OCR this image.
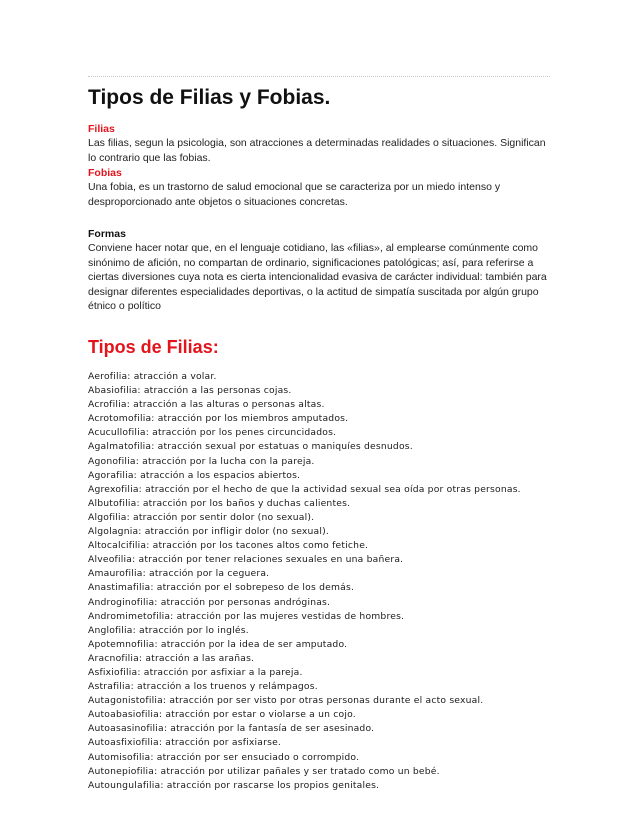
Tipos de Filias y Fobias.
Filias
Las filias, segun la psicologia, son atracciones a determinadas realidades o situaciones. Significan lo contrario que las fobias.
Fobias
Una fobia, es un trastorno de salud emocional que se caracteriza por un miedo intenso y desproporcionado ante objetos o situaciones concretas.
Formas
Conviene hacer notar que, en el lenguaje cotidiano, las «filias», al emplearse comúnmente como sinónimo de afición, no compartan de ordinario, significaciones patológicas; así, para referirse a ciertas diversiones cuya nota es cierta intencionalidad evasiva de carácter individual: también para designar diferentes especialidades deportivas, o la actitud de simpatía suscitada por algún grupo étnico o político
Tipos de Filias:
Aerofilia: atracción a volar.
Abasiofilia: atracción a las personas cojas.
Acrofilia: atracción a las alturas o personas altas.
Acrotomofilia: atracción por los miembros amputados.
Acucullofilia: atracción por los penes circuncidados.
Agalmatofilia: atracción sexual por estatuas o maniquíes desnudos.
Agonofilia: atracción por la lucha con la pareja.
Agorafilia: atracción a los espacios abiertos.
Agrexofilia: atracción por el hecho de que la actividad sexual sea oída por otras personas.
Albutofilia: atracción por los baños y duchas calientes.
Algofilia: atracción por sentir dolor (no sexual).
Algolagnia: atracción por infligir dolor (no sexual).
Altocalcifilia: atracción por los tacones altos como fetiche.
Alveofilia: atracción por tener relaciones sexuales en una bañera.
Amaurofilia: atracción por la ceguera.
Anastimafilia: atracción por el sobrepeso de los demás.
Androginofilia: atracción por personas andróginas.
Andromimetofilia: atracción por las mujeres vestidas de hombres.
Anglofilia: atracción por lo inglés.
Apotemnofilia: atracción por la idea de ser amputado.
Aracnofilia: atracción a las arañas.
Asfixiofilia: atracción por asfixiar a la pareja.
Astrafilia: atracción a los truenos y relámpagos.
Autagonistofilia: atracción por ser visto por otras personas durante el acto sexual.
Autoabasiofilia: atracción por estar o violarse a un cojo.
Autoasasinofilia: atracción por la fantasía de ser asesinado.
Autoasfixiofilia: atracción por asfixiarse.
Automisofilia: atracción por ser ensuciado o corrompido.
Autonepiofilia: atracción por utilizar pañales y ser tratado como un bebé.
Autoungulafilia: atracción por rascarse los propios genitales.
